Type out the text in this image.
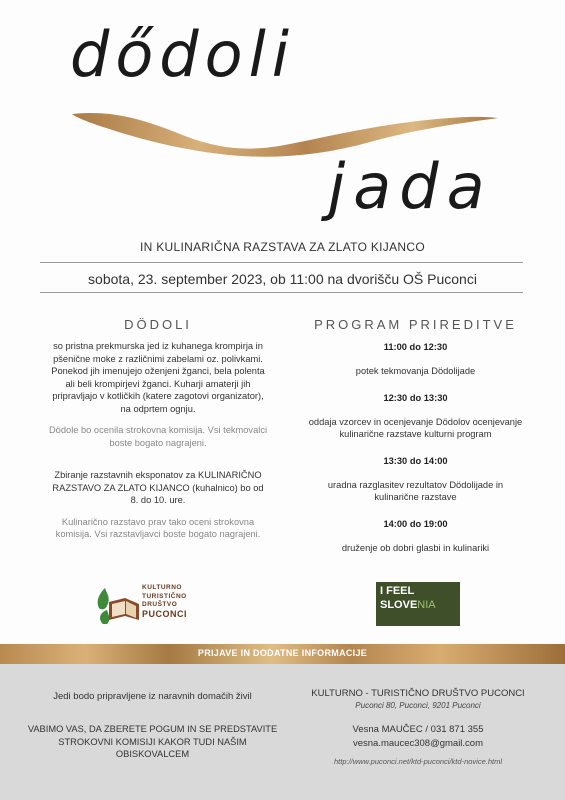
dődoli
jada
IN KULINARIČNA RAZSTAVA ZA ZLATO KIJANCO
sobota, 23. september 2023, ob 11:00 na dvorišču OŠ Puconci
DÖDOLI

so pristna prekmurska jed iz kuhanega krompirja in pšenične moke z različnimi zabelami oz. polivkami. Ponekod jih imenujejo oženjeni žganci, bela polenta ali beli krompirjevi žganci. Kuharji amaterji jih pripravljajo v kotličkih (katere zagotovi organizator), na odprtem ognju.

Dödole bo ocenila strokovna komisija. Vsi tekmovalci boste bogato nagrajeni.

Zbiranje razstavnih eksponatov za KULINARIČNO RAZSTAVO ZA ZLATO KIJANCO (kuhalnico) bo od 8. do 10. ure.

Kulinarično razstavo prav tako oceni strokovna komisija. Vsi razstavljavci boste bogato nagrajeni.

PROGRAM PRIREDITVE
11:00 do 12:30
potek tekmovanja Dödolijade
12:30 do 13:30
oddaja vzorcev in ocenjevanje Dödolov ocenjevanje kulinarične razstave kulturni program
13:30 do 14:00
uradna razglasitev rezultatov Dödolijade in kulinarične razstave
14:00 do 19:00
druženje ob dobri glasbi in kulinariki
KULTURNO
TURISTIČNO
DRUŠTVO
PUCONCI
I FEEL
SLOVENIA
PRIJAVE IN DODATNE INFORMACIJE
Jedi bodo pripravljene iz naravnih domačih živil
VABIMO VAS, DA ZBERETE POGUM IN SE PREDSTAVITE STROKOVNI KOMISIJI KAKOR TUDI NAŠIM OBISKOVALCEM
KULTURNO - TURISTIČNO DRUŠTVO PUCONCI
Puconci 80, Puconci, 9201 Puconci
Vesna MAUČEC / 031 871 355
vesna.maucec308@gmail.com
http://www.puconci.net/ktd-puconci/ktd-novice.html
